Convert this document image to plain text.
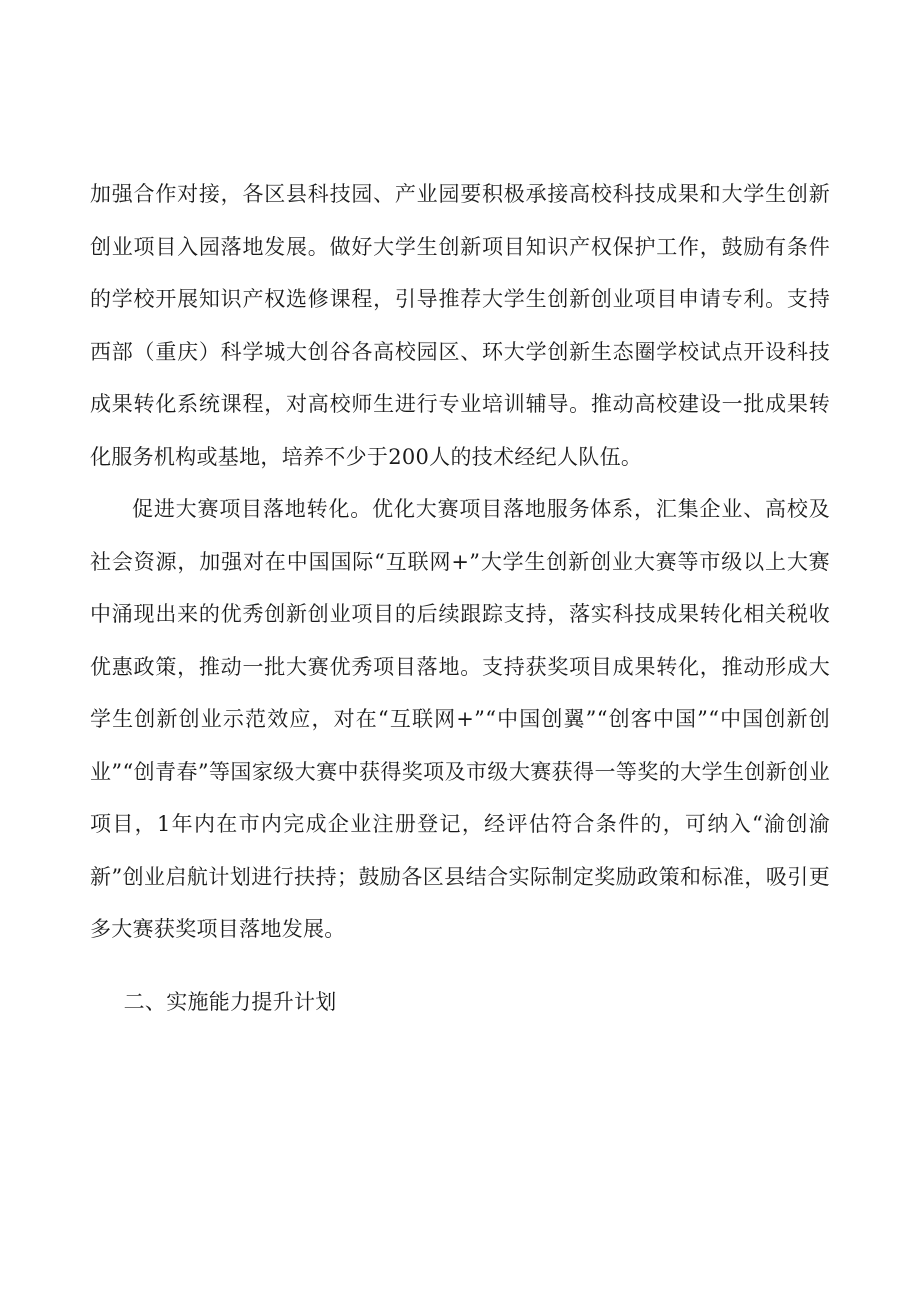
加强合作对接，各区县科技园、产业园要积极承接高校科技成果和大学生创新创业项目入园落地发展。做好大学生创新项目知识产权保护工作，鼓励有条件的学校开展知识产权选修课程，引导推荐大学生创新创业项目申请专利。支持西部（重庆）科学城大创谷各高校园区、环大学创新生态圈学校试点开设科技成果转化系统课程，对高校师生进行专业培训辅导。推动高校建设一批成果转化服务机构或基地，培养不少于200人的技术经纪人队伍。

促进大赛项目落地转化。优化大赛项目落地服务体系，汇集企业、高校及社会资源，加强对在中国国际“互联网+”大学生创新创业大赛等市级以上大赛中涌现出来的优秀创新创业项目的后续跟踪支持，落实科技成果转化相关税收优惠政策，推动一批大赛优秀项目落地。支持获奖项目成果转化，推动形成大学生创新创业示范效应，对在“互联网+”“中国创翼”“创客中国”“中国创新创业”“创青春”等国家级大赛中获得奖项及市级大赛获得一等奖的大学生创新创业项目，1年内在市内完成企业注册登记，经评估符合条件的，可纳入“渝创渝新”创业启航计划进行扶持；鼓励各区县结合实际制定奖励政策和标准，吸引更多大赛获奖项目落地发展。

二、实施能力提升计划
